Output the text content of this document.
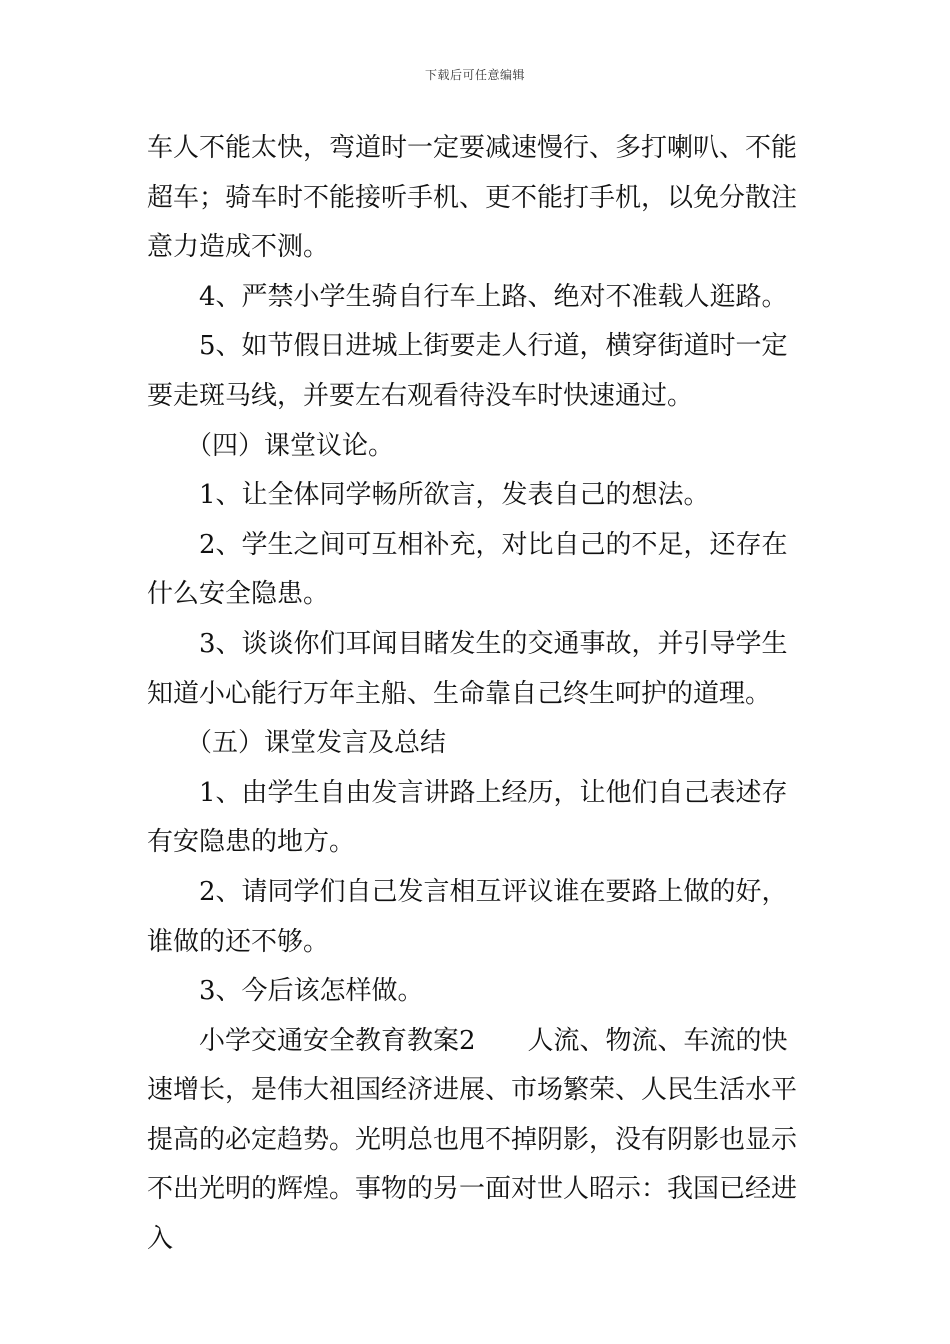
下载后可任意编辑

车人不能太快，弯道时一定要减速慢行、多打喇叭、不能超车；骑车时不能接听手机、更不能打手机，以免分散注意力造成不测。

4、严禁小学生骑自行车上路、绝对不准载人逛路。

5、如节假日进城上街要走人行道，横穿街道时一定要走斑马线，并要左右观看待没车时快速通过。

（四）课堂议论。

1、让全体同学畅所欲言，发表自己的想法。

2、学生之间可互相补充，对比自己的不足，还存在什么安全隐患。

3、谈谈你们耳闻目睹发生的交通事故，并引导学生知道小心能行万年主船、生命靠自己终生呵护的道理。

（五）课堂发言及总结

1、由学生自由发言讲路上经历，让他们自己表述存有安隐患的地方。

2、请同学们自己发言相互评议谁在要路上做的好，谁做的还不够。

3、今后该怎样做。

小学交通安全教育教案2　　人流、物流、车流的快速增长，是伟大祖国经济进展、市场繁荣、人民生活水平提高的必定趋势。光明总也甩不掉阴影，没有阴影也显示不出光明的辉煌。事物的另一面对世人昭示：我国已经进入
